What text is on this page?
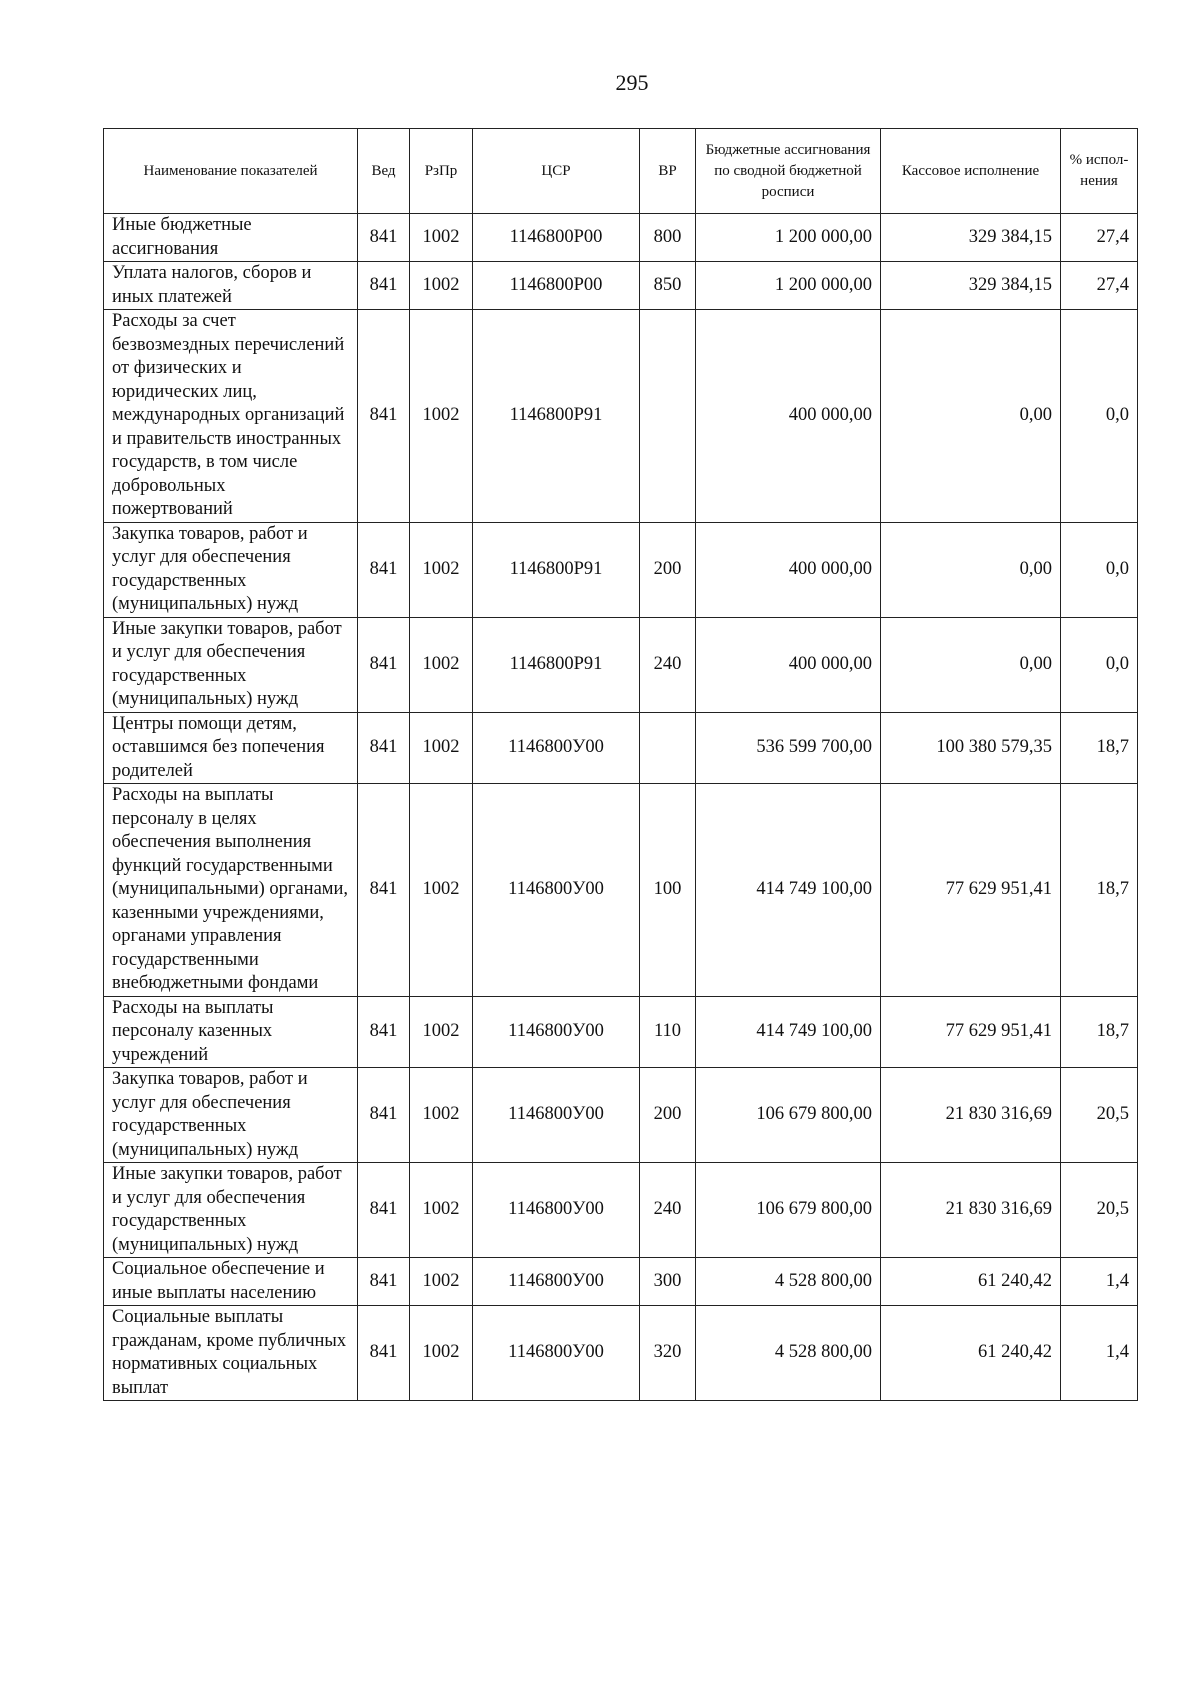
295
Наименование показателей	Вед	РзПр	ЦСР	ВР	Бюджетные ассигнования по сводной бюджетной росписи	Кассовое исполнение	% испол-нения
Иные бюджетные ассигнования	841	1002	1146800Р00	800	1 200 000,00	329 384,15	27,4
Уплата налогов, сборов и иных платежей	841	1002	1146800Р00	850	1 200 000,00	329 384,15	27,4
Расходы за счет безвозмездных перечислений от физических и юридических лиц, международных организаций и правительств иностранных государств, в том числе добровольных пожертвований	841	1002	1146800Р91		400 000,00	0,00	0,0
Закупка товаров, работ и услуг для обеспечения государственных (муниципальных) нужд	841	1002	1146800Р91	200	400 000,00	0,00	0,0
Иные закупки товаров, работ и услуг для обеспечения государственных (муниципальных) нужд	841	1002	1146800Р91	240	400 000,00	0,00	0,0
Центры помощи детям, оставшимся без попечения родителей	841	1002	1146800У00		536 599 700,00	100 380 579,35	18,7
Расходы на выплаты персоналу в целях обеспечения выполнения функций государственными (муниципальными) органами, казенными учреждениями, органами управления государственными внебюджетными фондами	841	1002	1146800У00	100	414 749 100,00	77 629 951,41	18,7
Расходы на выплаты персоналу казенных учреждений	841	1002	1146800У00	110	414 749 100,00	77 629 951,41	18,7
Закупка товаров, работ и услуг для обеспечения государственных (муниципальных) нужд	841	1002	1146800У00	200	106 679 800,00	21 830 316,69	20,5
Иные закупки товаров, работ и услуг для обеспечения государственных (муниципальных) нужд	841	1002	1146800У00	240	106 679 800,00	21 830 316,69	20,5
Социальное обеспечение и иные выплаты населению	841	1002	1146800У00	300	4 528 800,00	61 240,42	1,4
Социальные выплаты гражданам, кроме публичных нормативных социальных выплат	841	1002	1146800У00	320	4 528 800,00	61 240,42	1,4
